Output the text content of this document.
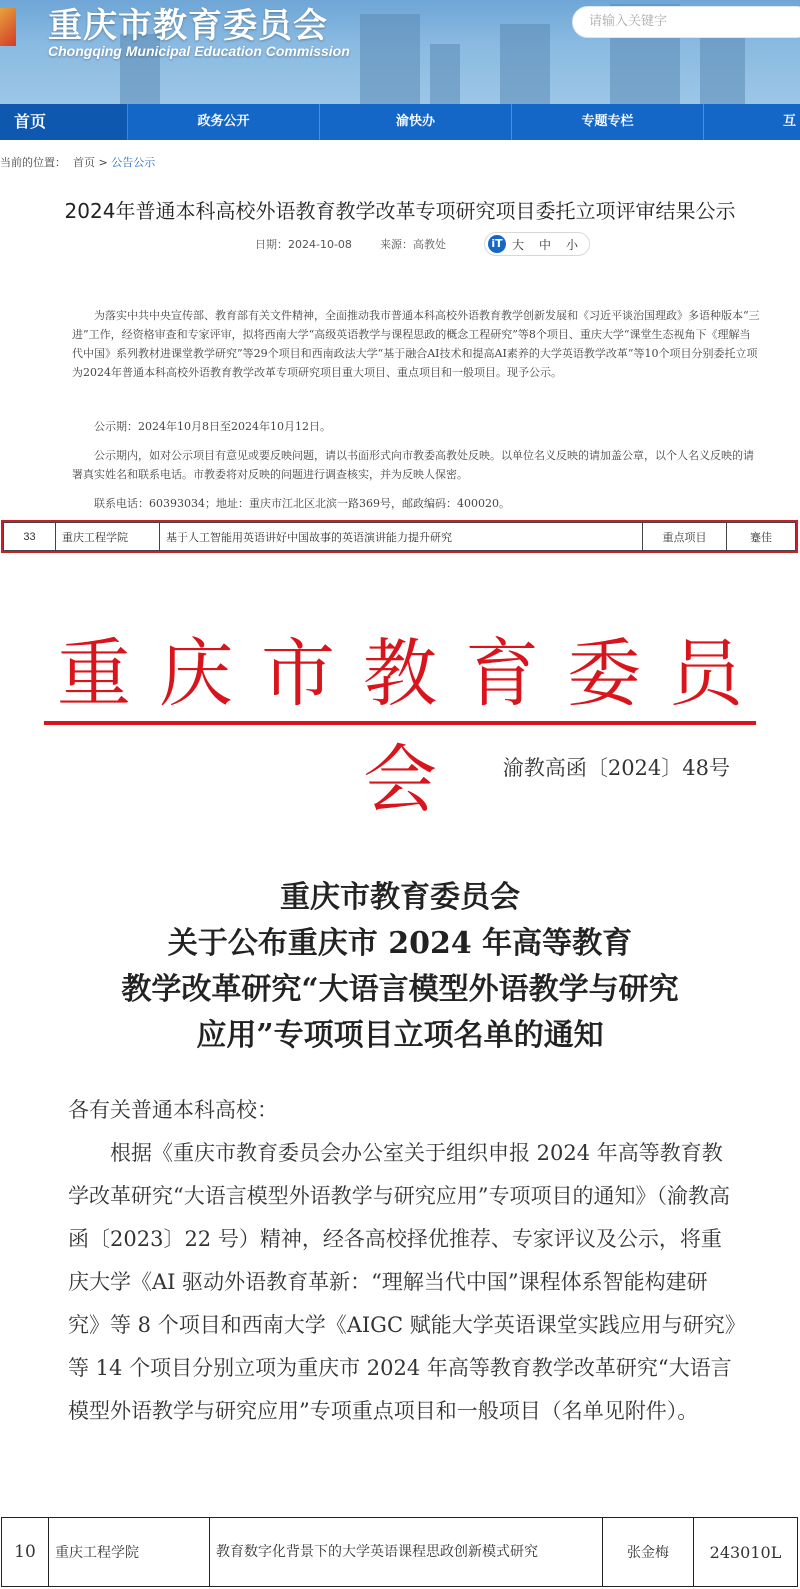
重庆市教育委员会
Chongqing Municipal Education Commission
请输入关键字
首页	政务公开	渝快办	专题专栏	互
当前的位置： 首页 > 公告公示
2024年普通本科高校外语教育教学改革专项研究项目委托立项评审结果公示
日期：2024-10-08	来源：高教处	iT 大 中 小
为落实中共中央宣传部、教育部有关文件精神，全面推动我市普通本科高校外语教育教学创新发展和《习近平谈治国理政》多语种版本“三进”工作，经资格审查和专家评审，拟将西南大学“高级英语教学与课程思政的概念工程研究”等8个项目、重庆大学“课堂生态视角下《理解当代中国》系列教材进课堂教学研究”等29个项目和西南政法大学“基于融合AI技术和提高AI素养的大学英语教学改革”等10个项目分别委托立项为2024年普通本科高校外语教育教学改革专项研究项目重大项目、重点项目和一般项目。现予公示。
公示期：2024年10月8日至2024年10月12日。
公示期内，如对公示项目有意见或要反映问题，请以书面形式向市教委高教处反映。以单位名义反映的请加盖公章，以个人名义反映的请署真实姓名和联系电话。市教委将对反映的问题进行调查核实，并为反映人保密。
联系电话：60393034；地址：重庆市江北区北滨一路369号，邮政编码：400020。
33	重庆工程学院	基于人工智能用英语讲好中国故事的英语演讲能力提升研究	重点项目	蹇佳
重庆市教育委员会	渝教高函〔2024〕48号
重庆市教育委员会
关于公布重庆市 2024 年高等教育
教学改革研究“大语言模型外语教学与研究
应用”专项项目立项名单的通知
各有关普通本科高校：
根据《重庆市教育委员会办公室关于组织申报 2024 年高等教育教学改革研究“大语言模型外语教学与研究应用”专项项目的通知》（渝教高函〔2023〕22 号）精神，经各高校择优推荐、专家评议及公示，将重庆大学《AI 驱动外语教育革新：“理解当代中国”课程体系智能构建研究》等 8 个项目和西南大学《AIGC 赋能大学英语课堂实践应用与研究》等 14 个项目分别立项为重庆市 2024 年高等教育教学改革研究“大语言模型外语教学与研究应用”专项重点项目和一般项目（名单见附件）。
10	重庆工程学院	教育数字化背景下的大学英语课程思政创新模式研究	张金梅	243010L
